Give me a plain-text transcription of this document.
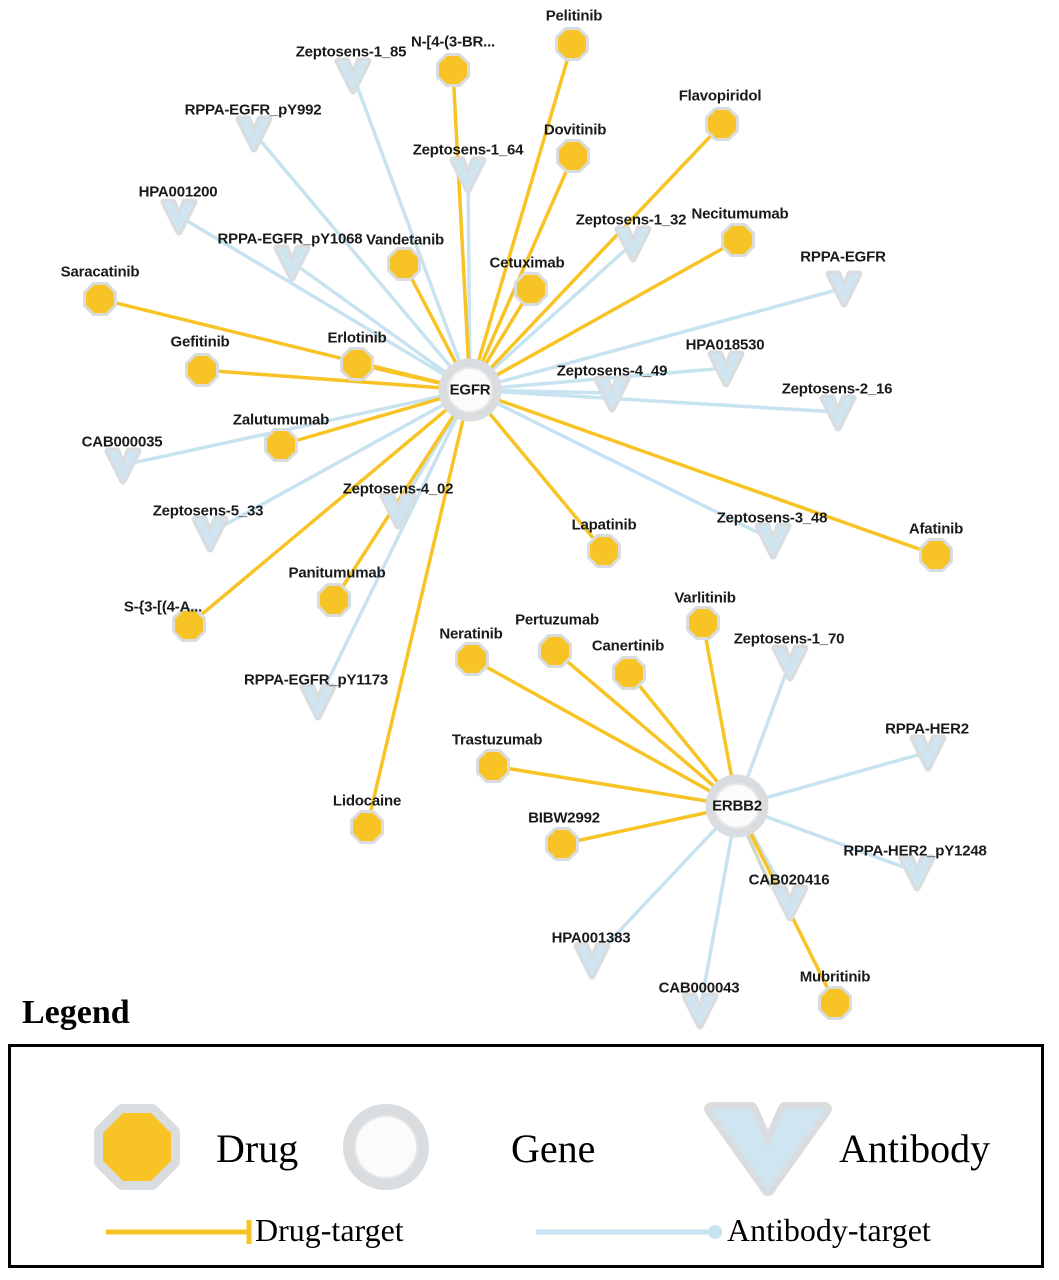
Zeptosens-1_85
RPPA-EGFR_pY992
Zeptosens-1_64
HPA001200
Zeptosens-1_32
RPPA-EGFR_pY1068
RPPA-EGFR
HPA018530
Zeptosens-4_49
Zeptosens-2_16
CAB000035
Zeptosens-4_02
Zeptosens-5_33	Zeptosens-3_48
Zeptosens-1_70
RPPA-EGFR_pY1173
RPPA-HER2
RPPA-HER2_pY1248
CAB020416
HPA001383
CAB000043
Pelitinib
N-[4-(3-BR...
Flavopiridol
Dovitinib
Vandetanib
Necitumumab
Cetuximab
Saracatinib
Erlotinib
Gefitinib
Zalutumumab
Lapatinib	Afatinib
Varlitinib
Panitumumab
S-{3-[(4-A...
Pertuzumab
Neratinib
Canertinib
Trastuzumab
Lidocaine
BIBW2992
Mubritinib
EGFR
ERBB2
Legend
Drug	Gene	Antibody
Drug-target	Antibody-target
